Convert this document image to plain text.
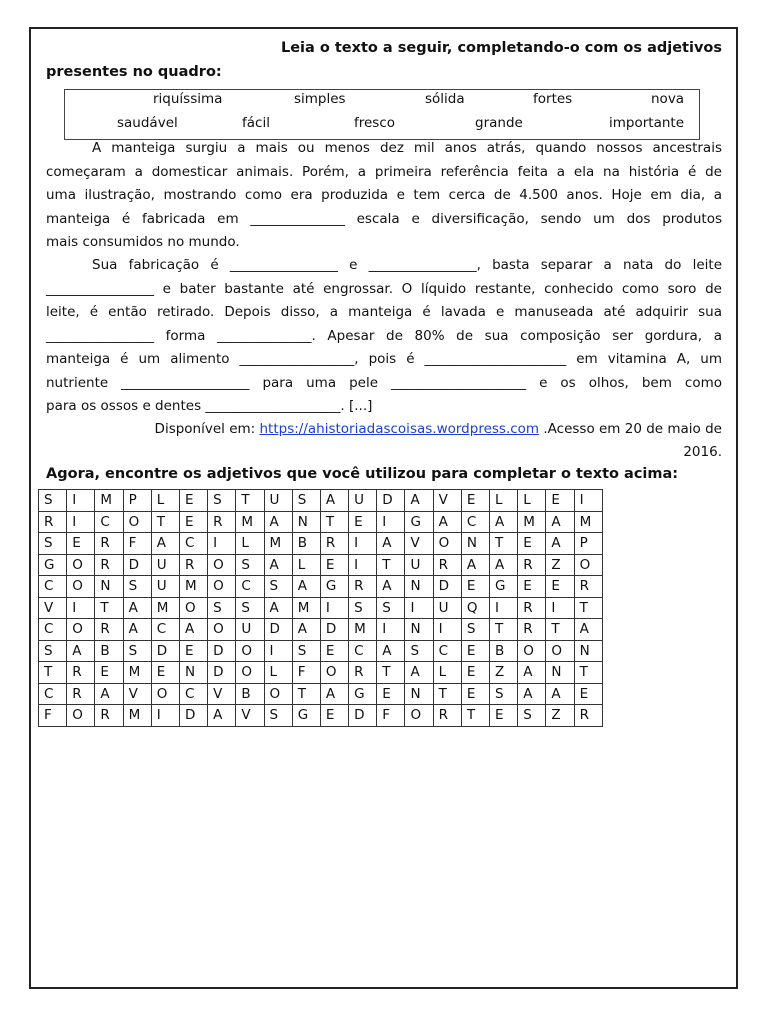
Leia o texto a seguir, completando-o com os adjetivos
presentes no quadro:
riquíssima	simples	sólida	fortes	nova
saudável	fácil	fresco	grande	importante
A manteiga surgiu a mais ou menos dez mil anos atrás, quando nossos ancestrais
começaram a domesticar animais. Porém, a primeira referência feita a ela na história é de
uma ilustração, mostrando como era produzida e tem cerca de 4.500 anos. Hoje em dia, a
manteiga é fabricada em ______________ escala e diversificação, sendo um dos produtos
mais consumidos no mundo.
Sua fabricação é ________________ e ________________, basta separar a nata do leite
________________ e bater bastante até engrossar. O líquido restante, conhecido como soro de
leite, é então retirado. Depois disso, a manteiga é lavada e manuseada até adquirir sua
________________ forma ______________. Apesar de 80% de sua composição ser gordura, a
manteiga é um alimento _________________, pois é _____________________ em vitamina A, um
nutriente ___________________ para uma pele ____________________ e os olhos, bem como
para os ossos e dentes ____________________. [...]
Disponível em: https://ahistoriadascoisas.wordpress.com .Acesso em 20 de maio de
2016.
Agora, encontre os adjetivos que você utilizou para completar o texto acima:
S	I	M	P	L	E	S	T	U	S	A	U	D	A	V	E	L	L	E	I
R	I	C	O	T	E	R	M	A	N	T	E	I	G	A	C	A	M	A	M
S	E	R	F	A	C	I	L	M	B	R	I	A	V	O	N	T	E	A	P
G	O	R	D	U	R	O	S	A	L	E	I	T	U	R	A	A	R	Z	O
C	O	N	S	U	M	O	C	S	A	G	R	A	N	D	E	G	E	E	R
V	I	T	A	M	O	S	S	A	M	I	S	S	I	U	Q	I	R	I	T
C	O	R	A	C	A	O	U	D	A	D	M	I	N	I	S	T	R	T	A
S	A	B	S	D	E	D	O	I	S	E	C	A	S	C	E	B	O	O	N
T	R	E	M	E	N	D	O	L	F	O	R	T	A	L	E	Z	A	N	T
C	R	A	V	O	C	V	B	O	T	A	G	E	N	T	E	S	A	A	E
F	O	R	M	I	D	A	V	S	G	E	D	F	O	R	T	E	S	Z	R
